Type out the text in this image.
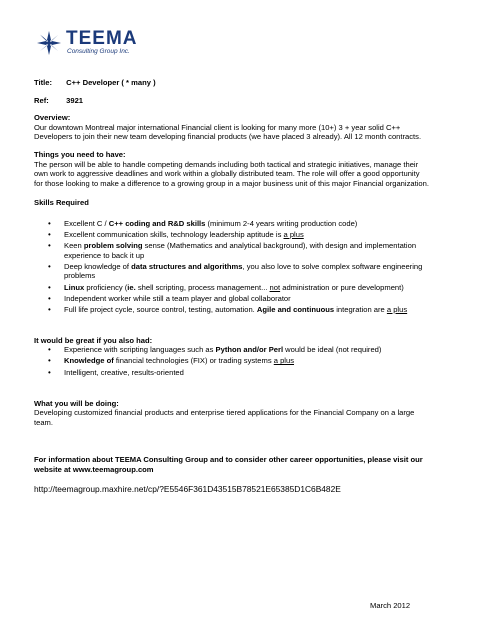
TEEMA
Consulting Group Inc.
Title: C++ Developer ( * many )
Ref: 3921
Overview:
Our downtown Montreal major international Financial client is looking for many more (10+) 3 + year solid C++
Developers to join their new team developing financial products (we have placed 3 already). All 12 month contracts.
Things you need to have:
The person will be able to handle competing demands including both tactical and strategic initiatives, manage their
own work to aggressive deadlines and work within a globally distributed team. The role will offer a good opportunity
for those looking to make a difference to a growing group in a major business unit of this major Financial organization.
Skills Required
• Excellent C / C++ coding and R&D skills (minimum 2-4 years writing production code)
• Excellent communication skills, technology leadership aptitude is a plus
• Keen problem solving sense (Mathematics and analytical background), with design and implementation
experience to back it up
• Deep knowledge of data structures and algorithms, you also love to solve complex software engineering
problems
• Linux proficiency (ie. shell scripting, process management... not administration or pure development)
• Independent worker while still a team player and global collaborator
• Full life project cycle, source control, testing, automation. Agile and continuous integration are a plus
It would be great if you also had:
• Experience with scripting languages such as Python and/or Perl would be ideal (not required)
• Knowledge of financial technologies (FIX) or trading systems a plus
• Intelligent, creative, results-oriented
What you will be doing:
Developing customized financial products and enterprise tiered applications for the Financial Company on a large
team.
For information about TEEMA Consulting Group and to consider other career opportunities, please visit our
website at www.teemagroup.com
http://teemagroup.maxhire.net/cp/?E5546F361D43515B78521E65385D1C6B482E
March 2012
